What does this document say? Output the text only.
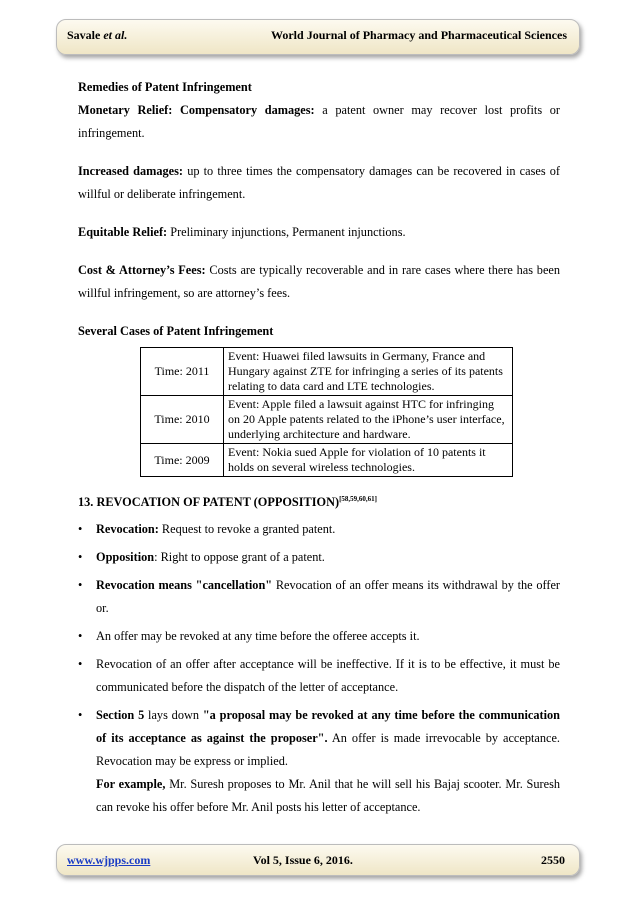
Savale et al.	World Journal of Pharmacy and Pharmaceutical Sciences

Remedies of Patent Infringement

Monetary Relief: Compensatory damages: a patent owner may recover lost profits or infringement.

Increased damages: up to three times the compensatory damages can be recovered in cases of willful or deliberate infringement.

Equitable Relief: Preliminary injunctions, Permanent injunctions.

Cost & Attorney’s Fees: Costs are typically recoverable and in rare cases where there has been willful infringement, so are attorney’s fees.

Several Cases of Patent Infringement

Time: 2011	Event: Huawei filed lawsuits in Germany, France and Hungary against ZTE for infringing a series of its patents relating to data card and LTE technologies.
Time: 2010	Event: Apple filed a lawsuit against HTC for infringing on 20 Apple patents related to the iPhone’s user interface, underlying architecture and hardware.
Time: 2009	Event: Nokia sued Apple for violation of 10 patents it holds on several wireless technologies.

13. REVOCATION OF PATENT (OPPOSITION)[58,59,60,61]

• Revocation: Request to revoke a granted patent.
• Opposition: Right to oppose grant of a patent.
• Revocation means "cancellation" Revocation of an offer means its withdrawal by the offer or.
• An offer may be revoked at any time before the offeree accepts it.
• Revocation of an offer after acceptance will be ineffective. If it is to be effective, it must be communicated before the dispatch of the letter of acceptance.
• Section 5 lays down "a proposal may be revoked at any time before the communication of its acceptance as against the proposer". An offer is made irrevocable by acceptance. Revocation may be express or implied.
For example, Mr. Suresh proposes to Mr. Anil that he will sell his Bajaj scooter. Mr. Suresh can revoke his offer before Mr. Anil posts his letter of acceptance.
www.wjpps.com	Vol 5, Issue 6, 2016.	2550
